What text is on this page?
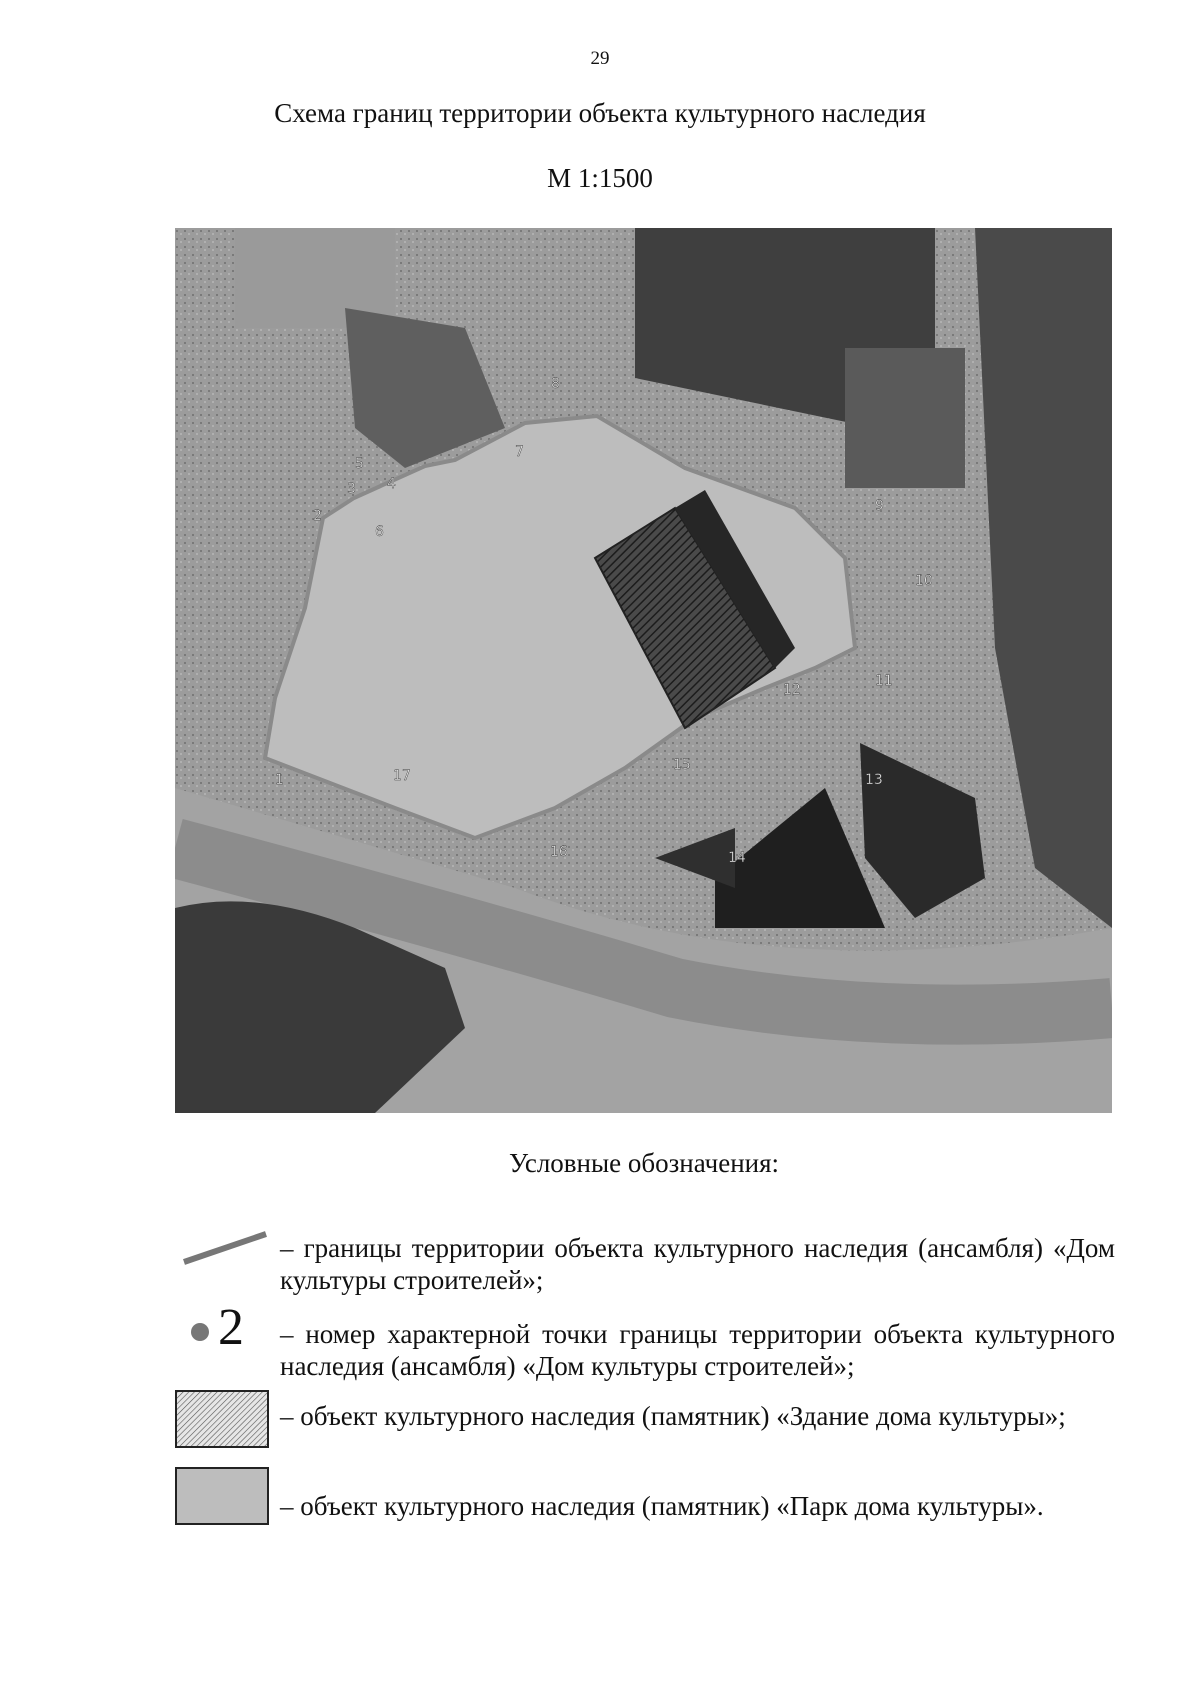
29
Схема границ территории объекта культурного наследия
М 1:1500
1
2
3 4
5
6
7
8
9
10
11
12
13
14
15
16
17
Условные обозначения:
– границы территории объекта культурного наследия (ансамбля) «Дом культуры строителей»;
2 – номер характерной точки границы территории объекта культурного наследия (ансамбля) «Дом культуры строителей»;
– объект культурного наследия (памятник) «Здание дома культуры»;
– объект культурного наследия (памятник) «Парк дома культуры».
